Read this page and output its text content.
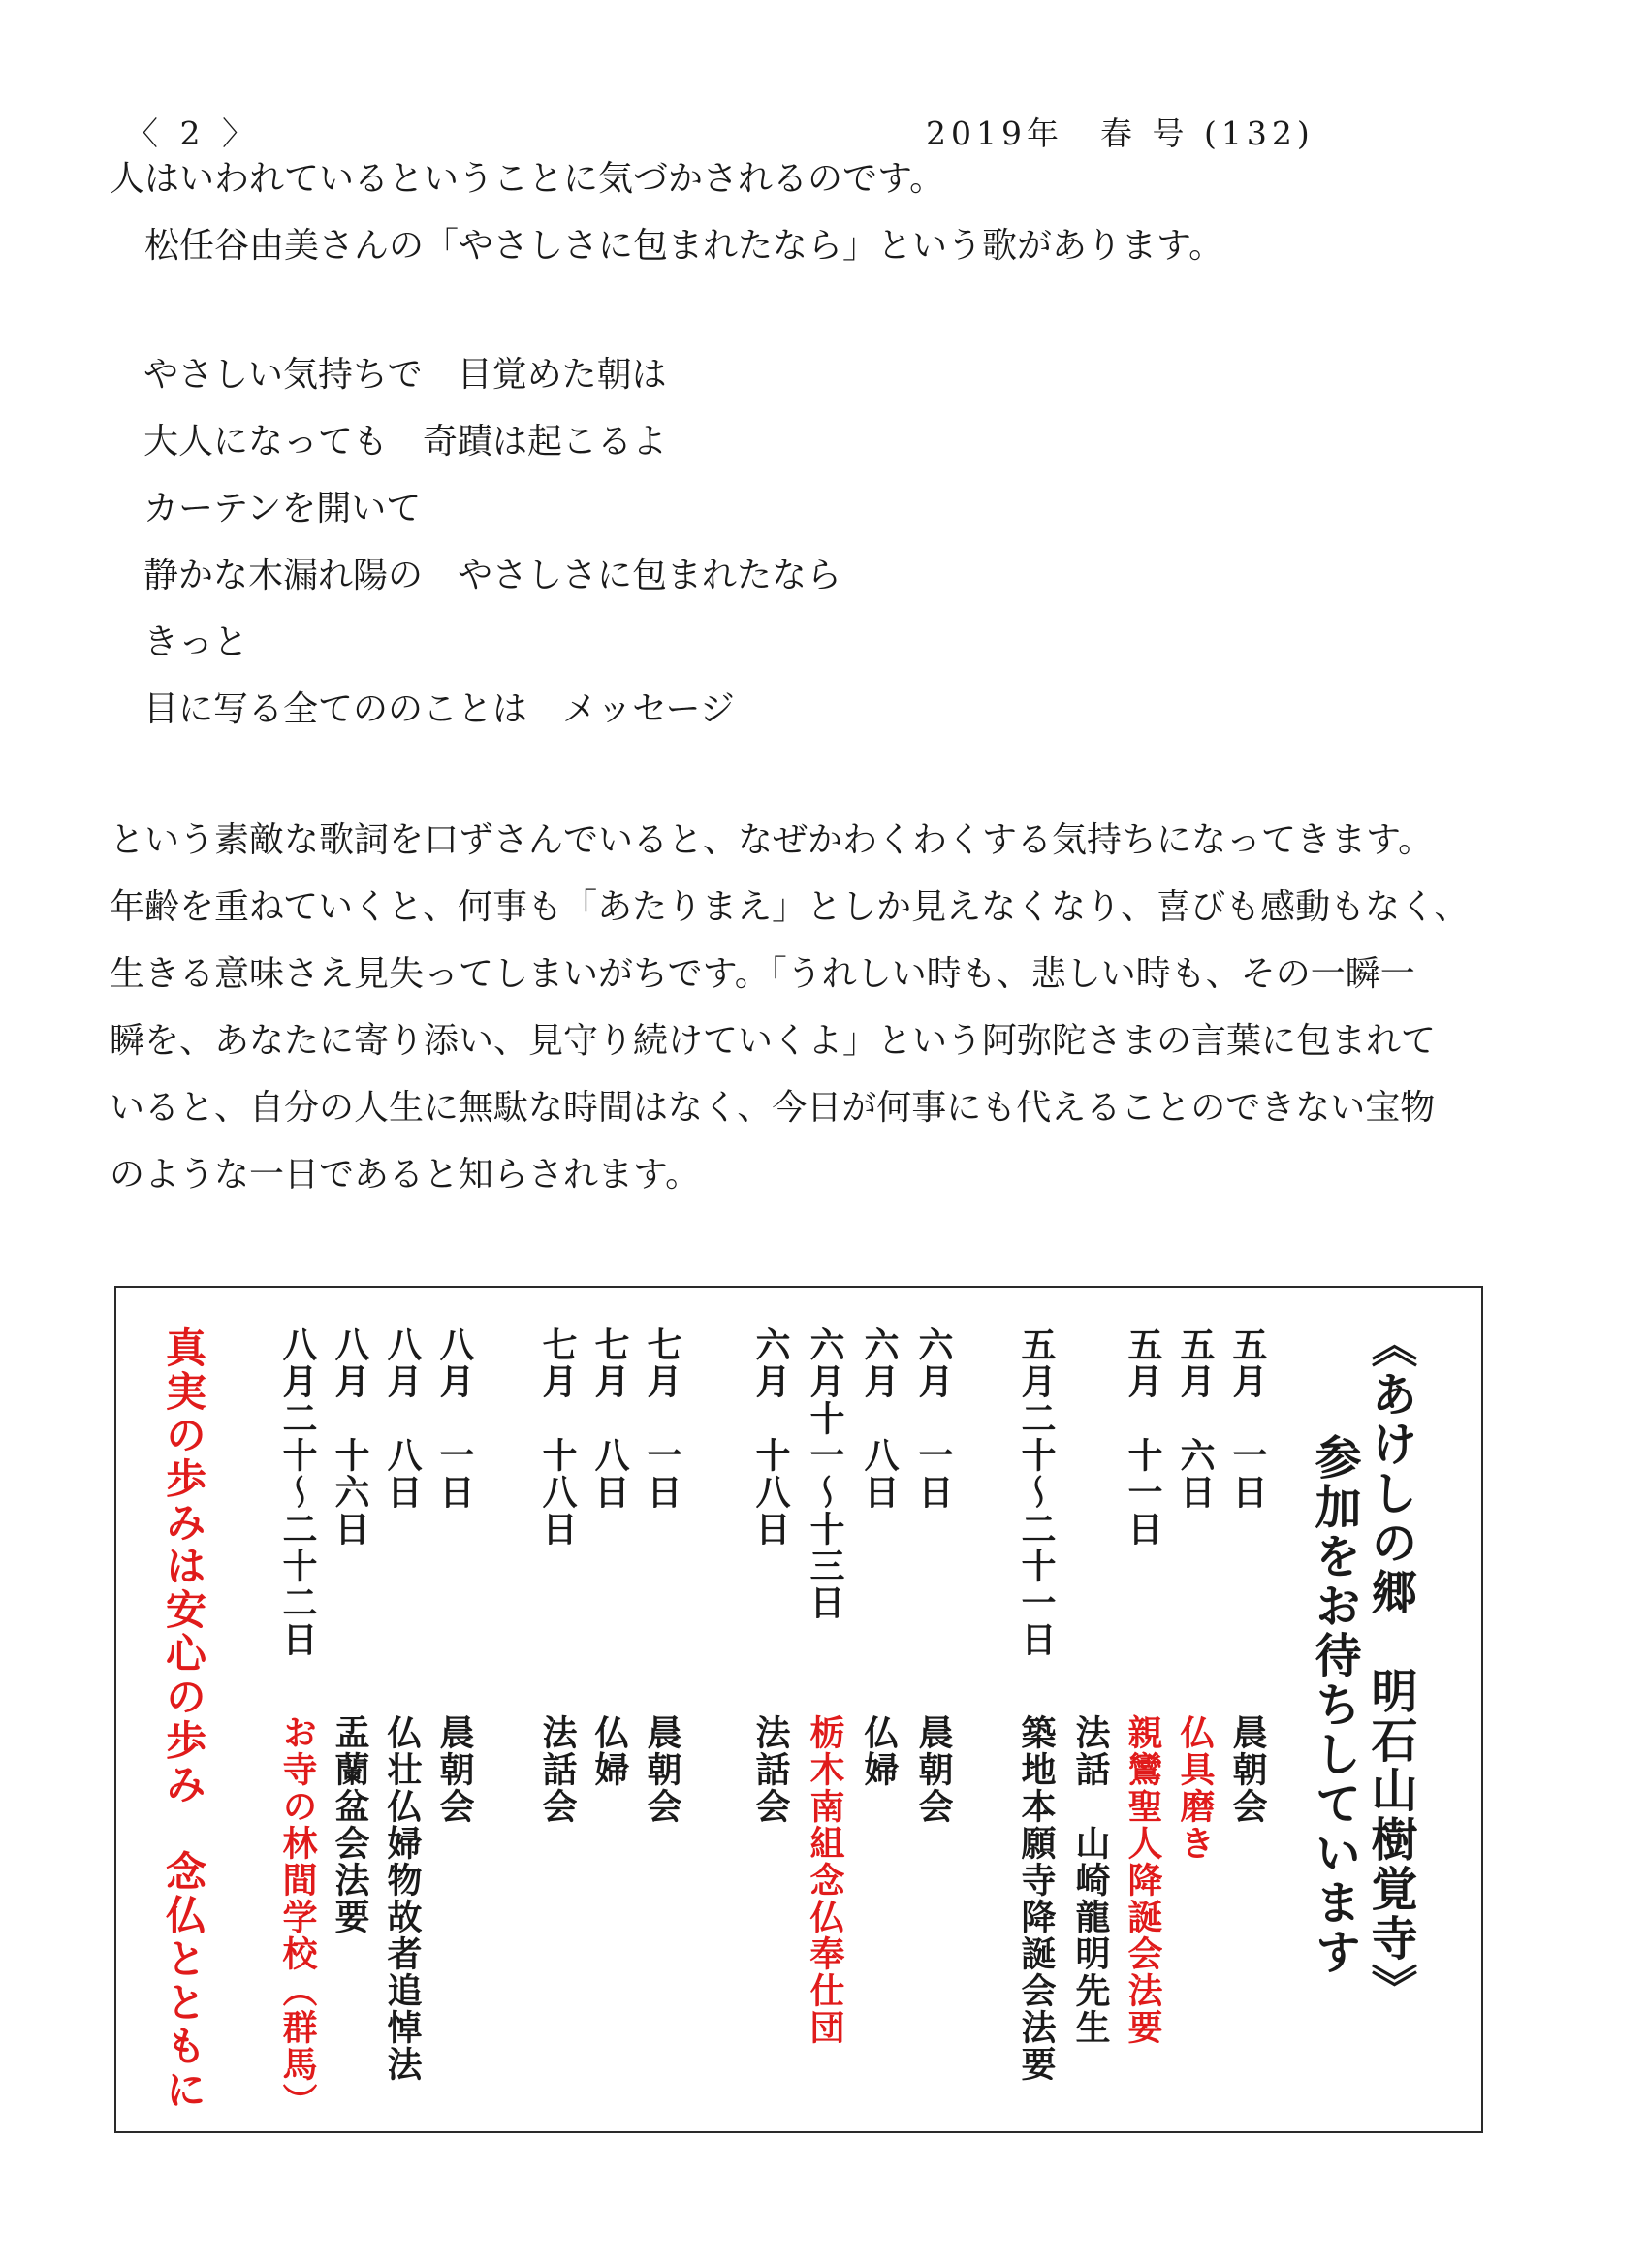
〈 2 〉	2019年　春 号 (132)
人はいわれているということに気づかされるのです。
　松任谷由美さんの「やさしさに包まれたなら」という歌があります。
やさしい気持ちで　目覚めた朝は
大人になっても　奇蹟は起こるよ
カーテンを開いて
静かな木漏れ陽の　やさしさに包まれたなら
きっと
目に写る全ての​のことは　メッセージ
という素敵な歌詞を口ずさんでいると、なぜかわくわくする気持ちになってきます。
年齢を重ねていくと、何事も「あたりまえ」としか見えなくなり、喜びも感動もなく、
生きる意味さえ見失ってしまいがちです。「うれしい時も、悲しい時も、その一瞬一
瞬を、あなたに寄り添い、見守り続けていくよ」という阿弥陀さまの言葉に包まれて
いると、自分の人生に無駄な時間はなく、今日が何事にも代えることのできない宝物
のような一日であると知らされます。
《あけしの郷　明石山樹覚寺》
参加をお待ちしています
五月　一日
五月　六日
五月　十一日
五月二十～二十一日
六月　一日
六月　八日
六月十一～十三日
六月　十八日
七月　一日
七月　八日
七月　十八日
八月　一日
八月　八日
八月　十六日
八月二十～二十二日
晨朝会
仏具磨き
親鸞聖人降誕会法要
法話　山崎龍明先生
築地本願寺降誕会法要
晨朝会
仏婦
栃木南組念仏奉仕団
法話会
晨朝会
仏婦
法話会
晨朝会
仏壮仏婦物故者追悼法
盂蘭盆会法要
お寺の林間学校（群馬）
真実の歩みは安心の歩み　念仏とともに
